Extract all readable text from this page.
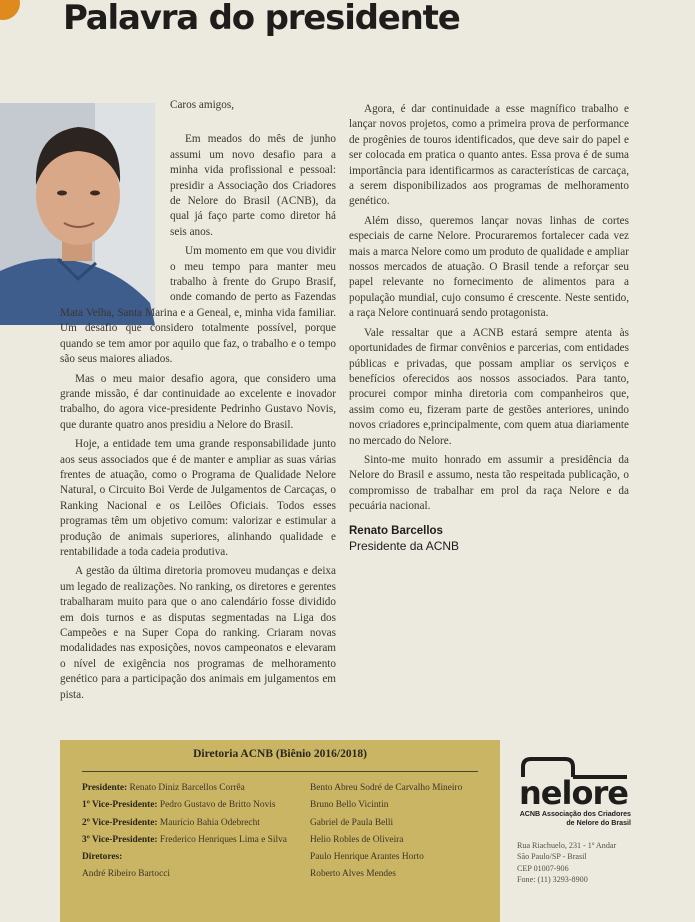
Palavra do presidente

Caros amigos,

Em meados do mês de junho assumi um novo desafio para a minha vida profissional e pessoal: presidir a Associação dos Criadores de Nelore do Brasil (ACNB), da qual já faço parte como diretor há seis anos.

Um momento em que vou dividir o meu tempo para manter meu trabalho à frente do Grupo Brasif, onde comando de perto as Fazendas Mata Velha, Santa Marina e a Geneal, e, minha vida familiar. Um desafio que considero totalmente possível, porque quando se tem amor por aquilo que faz, o trabalho e o tempo são seus maiores aliados.

Mas o meu maior desafio agora, que considero uma grande missão, é dar continuidade ao excelente e inovador trabalho, do agora vice-presidente Pedrinho Gustavo Novis, que durante quatro anos presidiu a Nelore do Brasil.

Hoje, a entidade tem uma grande responsabilidade junto aos seus associados que é de manter e ampliar as suas várias frentes de atuação, como o Programa de Qualidade Nelore Natural, o Circuito Boi Verde de Julgamentos de Carcaças, o Ranking Nacional e os Leilões Oficiais. Todos esses programas têm um objetivo comum: valorizar e estimular a produção de animais superiores, alinhando qualidade e rentabilidade a toda cadeia produtiva.

A gestão da última diretoria promoveu mudanças e deixa um legado de realizações. No ranking, os diretores e gerentes trabalharam muito para que o ano calendário fosse dividido em dois turnos e as disputas segmentadas na Liga dos Campeões e na Super Copa do ranking. Criaram novas modalidades nas exposições, novos campeonatos e elevaram o nível de exigência nos programas de melhoramento genético para a participação dos animais em julgamentos em pista.

Agora, é dar continuidade a esse magnífico trabalho e lançar novos projetos, como a primeira prova de performance de progênies de touros identificados, que deve sair do papel e ser colocada em pratica o quanto antes. Essa prova é de suma importância para identificarmos as características de carcaça, a serem disponibilizados aos programas de melhoramento genético.

Além disso, queremos lançar novas linhas de cortes especiais de carne Nelore. Procuraremos fortalecer cada vez mais a marca Nelore como um produto de qualidade e ampliar nossos mercados de atuação. O Brasil tende a reforçar seu papel relevante no fornecimento de alimentos para a população mundial, cujo consumo é crescente. Neste sentido, a raça Nelore continuará sendo protagonista.

Vale ressaltar que a ACNB estará sempre atenta às oportunidades de firmar convênios e parcerias, com entidades públicas e privadas, que possam ampliar os serviços e benefícios oferecidos aos nossos associados. Para tanto, procurei compor minha diretoria com companheiros que, assim como eu, fizeram parte de gestões anteriores, unindo novos criadores e,principalmente, com quem atua diariamente no mercado do Nelore.

Sinto-me muito honrado em assumir a presidência da Nelore do Brasil e assumo, nesta tão respeitada publicação, o compromisso de trabalhar em prol da raça Nelore e da pecuária nacional.

Renato Barcellos
Presidente da ACNB
Diretoria ACNB (Biênio 2016/2018)
Presidente: Renato Diniz Barcellos Corrêa
1º Vice-Presidente: Pedro Gustavo de Britto Novis
2º Vice-Presidente: Maurício Bahia Odebrecht
3º Vice-Presidente: Frederico Henriques Lima e Silva
Diretores:
André Ribeiro Bartocci
Bento Abreu Sodré de Carvalho Mineiro
Bruno Bello Vicintin
Gabriel de Paula Belli
Helio Robles de Oliveira
Paulo Henrique Arantes Horto
Roberto Alves Mendes
nelore
ACNB Associação dos Criadores
de Nelore do Brasil
Rua Riachuelo, 231 - 1º Andar
São Paulo/SP - Brasil
CEP 01007-906
Fone: (11) 3293-8900
